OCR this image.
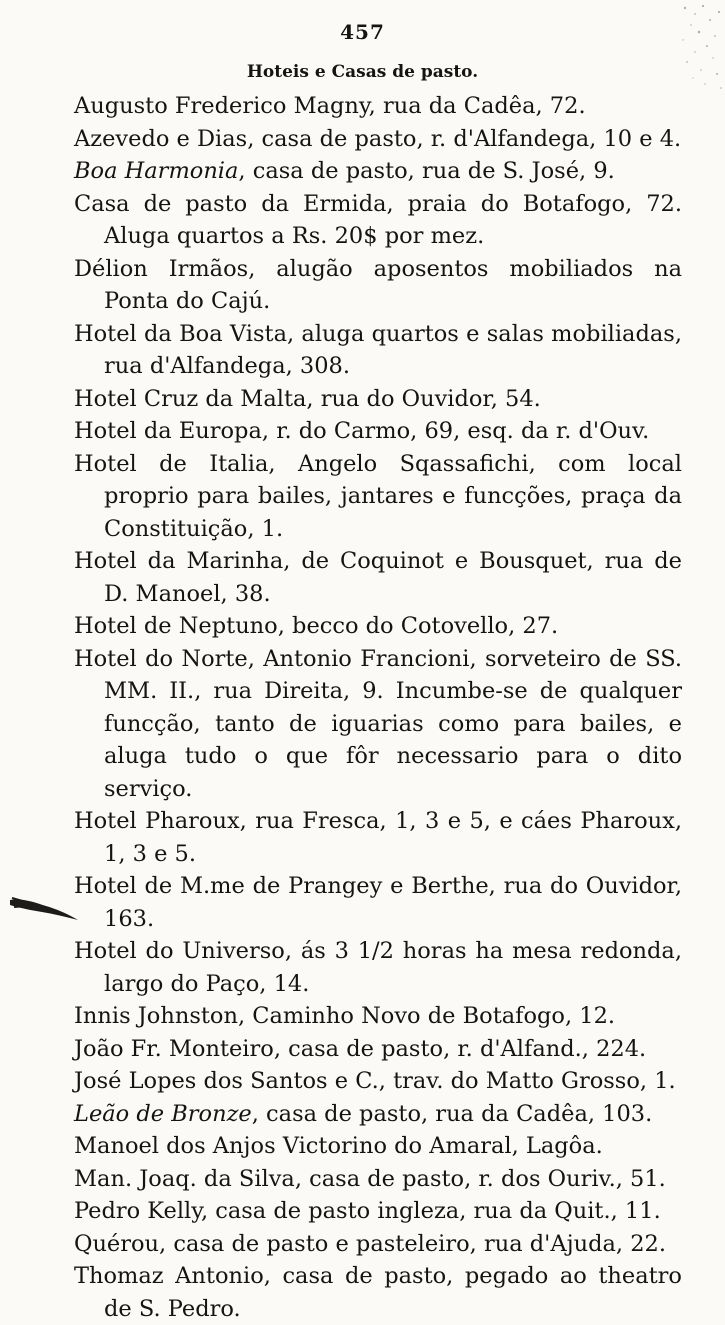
457
Hoteis e Casas de pasto.

Augusto Frederico Magny, rua da Cadêa, 72.

Azevedo e Dias, casa de pasto, r. d'Alfandega, 10 e 4.

Boa Harmonia, casa de pasto, rua de S. José, 9.

Casa de pasto da Ermida, praia do Botafogo, 72. Aluga quartos a Rs. 20$ por mez.

Délion Irmãos, alugão aposentos mobiliados na Ponta do Cajú.

Hotel da Boa Vista, aluga quartos e salas mobiliadas, rua d'Alfandega, 308.

Hotel Cruz da Malta, rua do Ouvidor, 54.

Hotel da Europa, r. do Carmo, 69, esq. da r. d'Ouv.

Hotel de Italia, Angelo Sqassafichi, com local proprio para bailes, jantares e funcções, praça da Constituição, 1.

Hotel da Marinha, de Coquinot e Bousquet, rua de D. Manoel, 38.

Hotel de Neptuno, becco do Cotovello, 27.

Hotel do Norte, Antonio Francioni, sorveteiro de SS. MM. II., rua Direita, 9. Incumbe-se de qualquer funcção, tanto de iguarias como para bailes, e aluga tudo o que fôr necessario para o dito serviço.

Hotel Pharoux, rua Fresca, 1, 3 e 5, e cáes Pharoux, 1, 3 e 5.

Hotel de M.me de Prangey e Berthe, rua do Ouvidor, 163.

Hotel do Universo, ás 3 1/2 horas ha mesa redonda, largo do Paço, 14.

Innis Johnston, Caminho Novo de Botafogo, 12.

João Fr. Monteiro, casa de pasto, r. d'Alfand., 224.

José Lopes dos Santos e C., trav. do Matto Grosso, 1.

Leão de Bronze, casa de pasto, rua da Cadêa, 103.

Manoel dos Anjos Victorino do Amaral, Lagôa.

Man. Joaq. da Silva, casa de pasto, r. dos Ouriv., 51.

Pedro Kelly, casa de pasto ingleza, rua da Quit., 11.

Quérou, casa de pasto e pasteleiro, rua d'Ajuda, 22.

Thomaz Antonio, casa de pasto, pegado ao theatro de S. Pedro.
